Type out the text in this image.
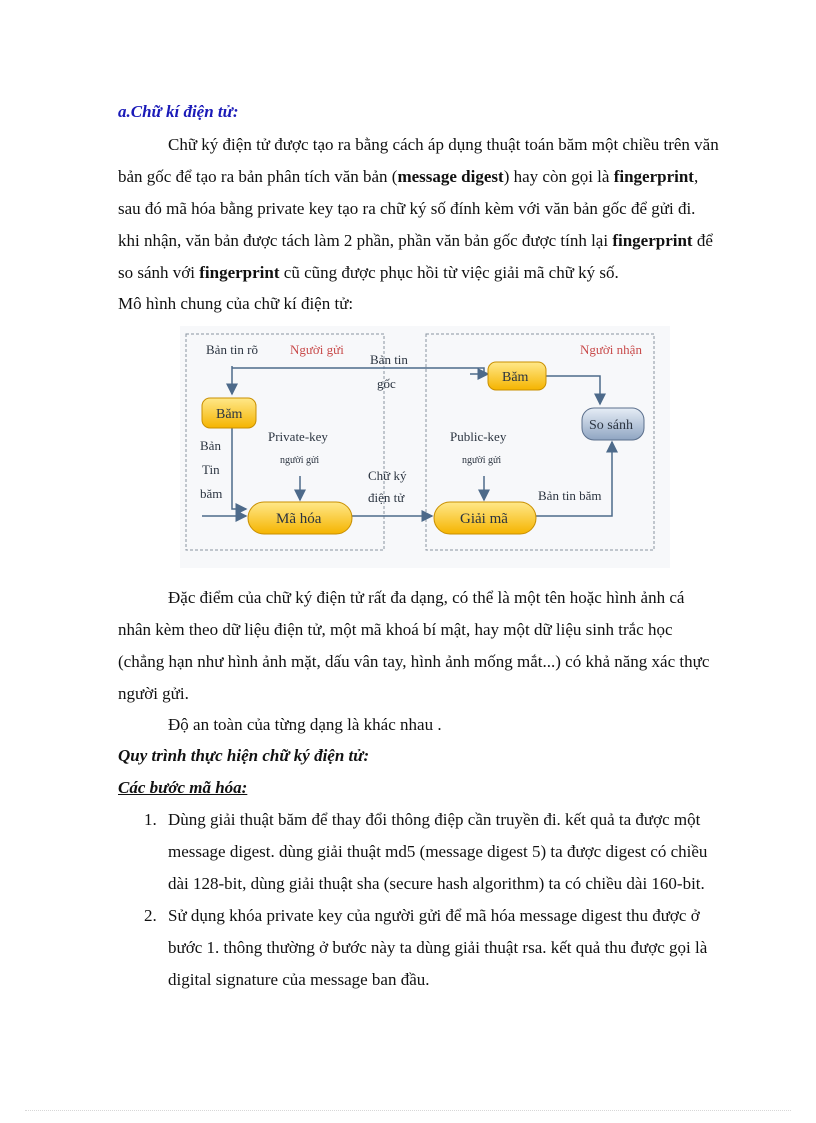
a.Chữ kí điện tử:
Chữ ký điện tử được tạo ra bằng cách áp dụng thuật toán băm một chiều trên văn
bản gốc để tạo ra bản phân tích văn bản (message digest) hay còn gọi là fingerprint,
sau đó mã hóa bằng private key tạo ra chữ ký số đính kèm với văn bản gốc để gửi đi.
khi nhận, văn bản được tách làm 2 phần, phần văn bản gốc được tính lại fingerprint để
so sánh với fingerprint cũ cũng được phục hồi từ việc giải mã chữ ký số.
Mô hình chung của chữ kí điện tử:
Bản tin rõ Người gửi	Người nhận
Bản tin
gốc
Băm
Băm
So sánh
Bản
Tin
băm
Private-key
người gửi
Public-key
người gửi
Chữ ký
điện tử
Mã hóa	Giải mã
Bản tin băm
Đặc điểm của chữ ký điện tử rất đa dạng, có thể là một tên hoặc hình ảnh cá
nhân kèm theo dữ liệu điện tử, một mã khoá bí mật, hay một dữ liệu sinh trắc học
(chẳng hạn như hình ảnh mặt, dấu vân tay, hình ảnh mống mắt...) có khả năng xác thực
người gửi.
Độ an toàn của từng dạng là khác nhau .
Quy trình thực hiện chữ ký điện tử:
Các bước mã hóa:
1. Dùng giải thuật băm để thay đổi thông điệp cần truyền đi. kết quả ta được một
message digest. dùng giải thuật md5 (message digest 5) ta được digest có chiều
dài 128-bit, dùng giải thuật sha (secure hash algorithm) ta có chiều dài 160-bit.
2. Sử dụng khóa private key của người gửi để mã hóa message digest thu được ở
bước 1. thông thường ở bước này ta dùng giải thuật rsa. kết quả thu được gọi là
digital signature của message ban đầu.
